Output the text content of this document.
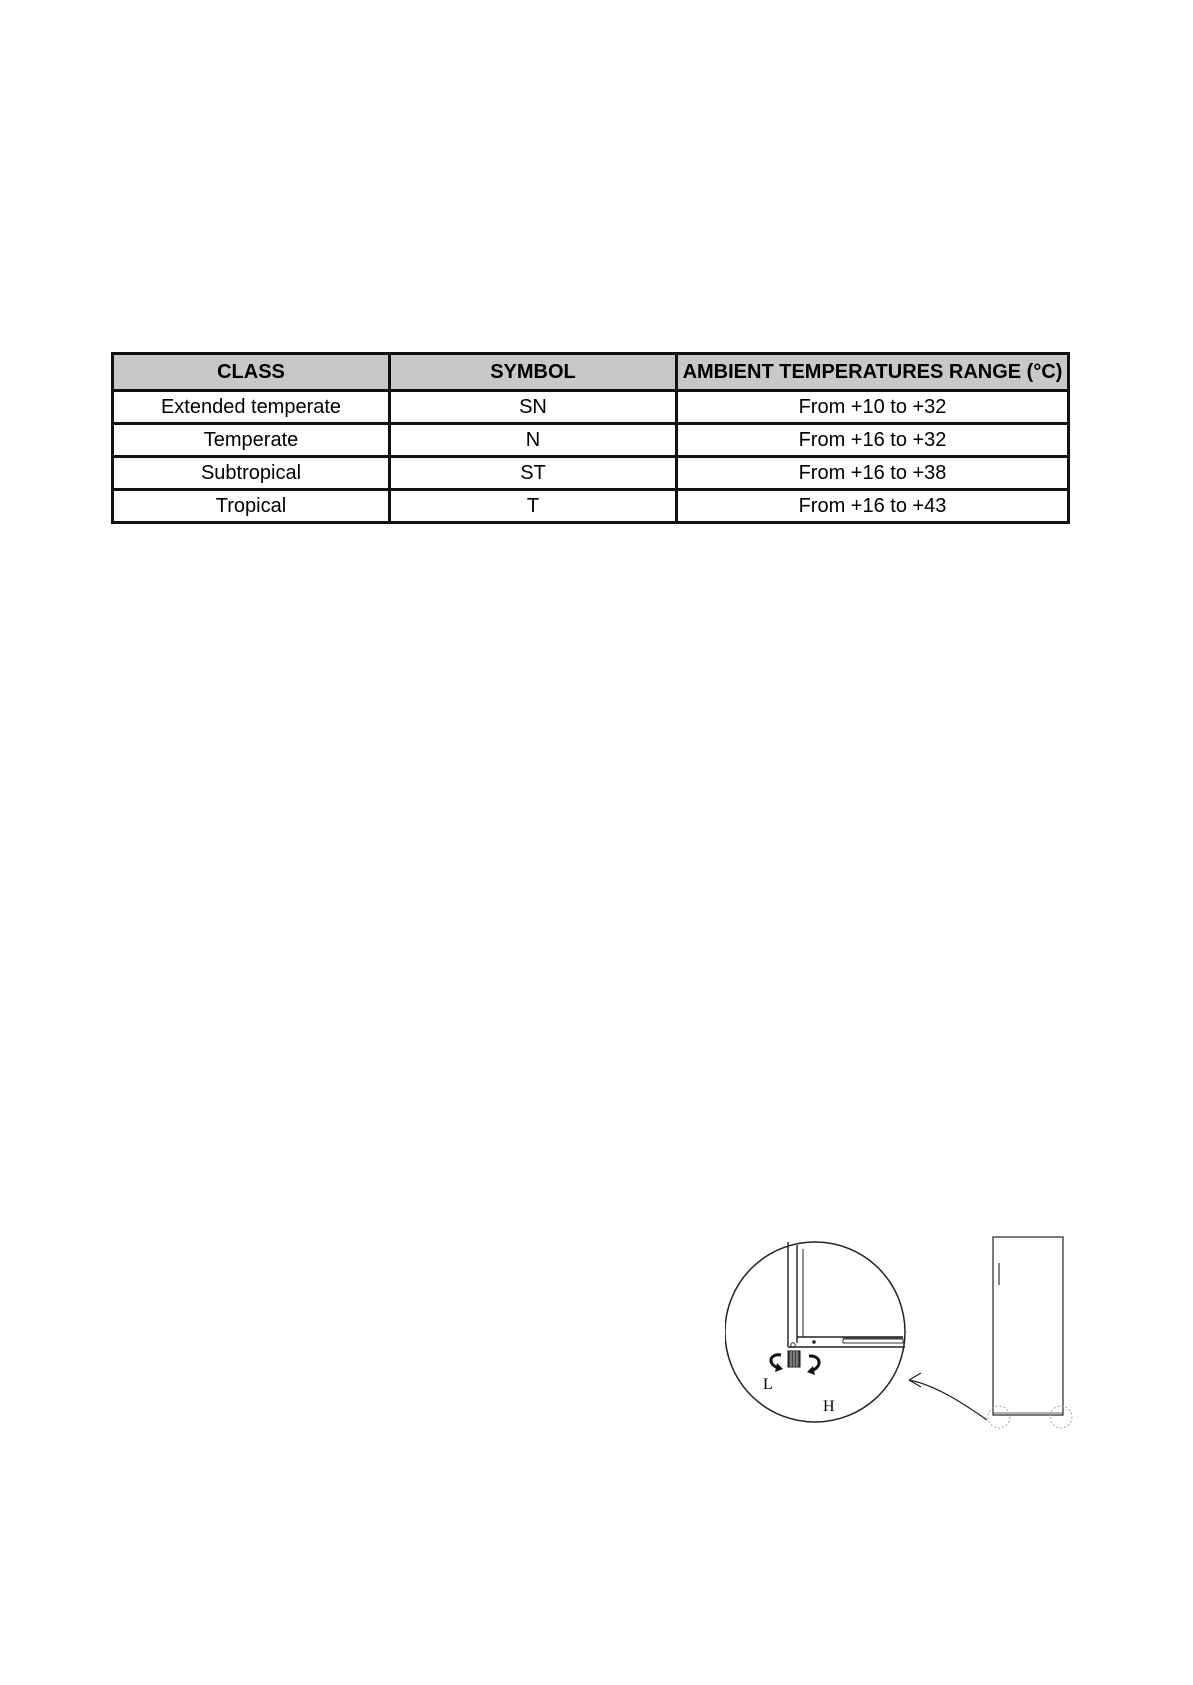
CLASS	SYMBOL	AMBIENT TEMPERATURES RANGE (°C)
Extended temperate	SN	From +10 to +32
Temperate	N	From +16 to +32
Subtropical	ST	From +16 to +38
Tropical	T	From +16 to +43
L
H
